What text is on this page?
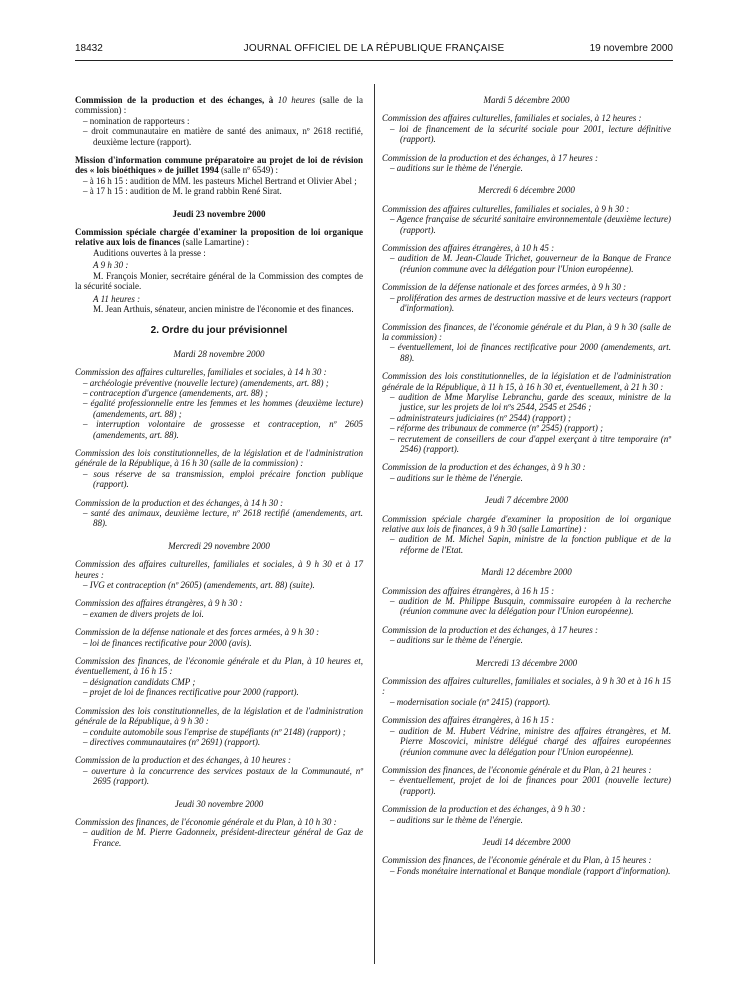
18432	JOURNAL OFFICIEL DE LA RÉPUBLIQUE FRANÇAISE	19 novembre 2000

Commission de la production et des échanges, à 10 heures (salle de la commission) :

– nomination de rapporteurs :

– droit communautaire en matière de santé des animaux, nº 2618 rectifié, deuxième lecture (rapport).

Mission d'information commune préparatoire au projet de loi de révision des « lois bioéthiques » de juillet 1994 (salle nº 6549) :

– à 16 h 15 : audition de MM. les pasteurs Michel Bertrand et Olivier Abel ;

– à 17 h 15 : audition de M. le grand rabbin René Sirat.

Jeudi 23 novembre 2000

Commission spéciale chargée d'examiner la proposition de loi organique relative aux lois de finances (salle Lamartine) :

Auditions ouvertes à la presse :

A 9 h 30 :

M. François Monier, secrétaire général de la Commission des comptes de la sécurité sociale.

A 11 heures :

M. Jean Arthuis, sénateur, ancien ministre de l'économie et des finances.

2. Ordre du jour prévisionnel

Mardi 28 novembre 2000

Commission des affaires culturelles, familiales et sociales, à 14 h 30 :

– archéologie préventive (nouvelle lecture) (amendements, art. 88) ;

– contraception d'urgence (amendements, art. 88) ;

– égalité professionnelle entre les femmes et les hommes (deuxième lecture) (amendements, art. 88) ;

– interruption volontaire de grossesse et contraception, nº 2605 (amendements, art. 88).

Commission des lois constitutionnelles, de la législation et de l'administration générale de la République, à 16 h 30 (salle de la commission) :

– sous réserve de sa transmission, emploi précaire fonction publique (rapport).

Commission de la production et des échanges, à 14 h 30 :

– santé des animaux, deuxième lecture, nº 2618 rectifié (amendements, art. 88).

Mercredi 29 novembre 2000

Commission des affaires culturelles, familiales et sociales, à 9 h 30 et à 17 heures :

– IVG et contraception (nº 2605) (amendements, art. 88) (suite).

Commission des affaires étrangères, à 9 h 30 :

– examen de divers projets de loi.

Commission de la défense nationale et des forces armées, à 9 h 30 :

– loi de finances rectificative pour 2000 (avis).

Commission des finances, de l'économie générale et du Plan, à 10 heures et, éventuellement, à 16 h 15 :

– désignation candidats CMP ;

– projet de loi de finances rectificative pour 2000 (rapport).

Commission des lois constitutionnelles, de la législation et de l'administration générale de la République, à 9 h 30 :

– conduite automobile sous l'emprise de stupéfiants (nº 2148) (rapport) ;

– directives communautaires (nº 2691) (rapport).

Commission de la production et des échanges, à 10 heures :

– ouverture à la concurrence des services postaux de la Communauté, nº 2695 (rapport).

Jeudi 30 novembre 2000

Commission des finances, de l'économie générale et du Plan, à 10 h 30 :

– audition de M. Pierre Gadonneix, président-directeur général de Gaz de France.

Mardi 5 décembre 2000

Commission des affaires culturelles, familiales et sociales, à 12 heures :

– loi de financement de la sécurité sociale pour 2001, lecture définitive (rapport).

Commission de la production et des échanges, à 17 heures :

– auditions sur le thème de l'énergie.

Mercredi 6 décembre 2000

Commission des affaires culturelles, familiales et sociales, à 9 h 30 :

– Agence française de sécurité sanitaire environnementale (deuxième lecture) (rapport).

Commission des affaires étrangères, à 10 h 45 :

– audition de M. Jean-Claude Trichet, gouverneur de la Banque de France (réunion commune avec la délégation pour l'Union européenne).

Commission de la défense nationale et des forces armées, à 9 h 30 :

– prolifération des armes de destruction massive et de leurs vecteurs (rapport d'information).

Commission des finances, de l'économie générale et du Plan, à 9 h 30 (salle de la commission) :

– éventuellement, loi de finances rectificative pour 2000 (amendements, art. 88).

Commission des lois constitutionnelles, de la législation et de l'administration générale de la République, à 11 h 15, à 16 h 30 et, éventuellement, à 21 h 30 :

– audition de Mme Marylise Lebranchu, garde des sceaux, ministre de la justice, sur les projets de loi nºs 2544, 2545 et 2546 ;

– administrateurs judiciaires (nº 2544) (rapport) ;

– réforme des tribunaux de commerce (nº 2545) (rapport) ;

– recrutement de conseillers de cour d'appel exerçant à titre temporaire (nº 2546) (rapport).

Commission de la production et des échanges, à 9 h 30 :

– auditions sur le thème de l'énergie.

Jeudi 7 décembre 2000

Commission spéciale chargée d'examiner la proposition de loi organique relative aux lois de finances, à 9 h 30 (salle Lamartine) :

– audition de M. Michel Sapin, ministre de la fonction publique et de la réforme de l'Etat.

Mardi 12 décembre 2000

Commission des affaires étrangères, à 16 h 15 :

– audition de M. Philippe Busquin, commissaire européen à la recherche (réunion commune avec la délégation pour l'Union européenne).

Commission de la production et des échanges, à 17 heures :

– auditions sur le thème de l'énergie.

Mercredi 13 décembre 2000

Commission des affaires culturelles, familiales et sociales, à 9 h 30 et à 16 h 15 :

– modernisation sociale (nº 2415) (rapport).

Commission des affaires étrangères, à 16 h 15 :

– audition de M. Hubert Védrine, ministre des affaires étrangères, et M. Pierre Moscovici, ministre délégué chargé des affaires européennes (réunion commune avec la délégation pour l'Union européenne).

Commission des finances, de l'économie générale et du Plan, à 21 heures :

– éventuellement, projet de loi de finances pour 2001 (nouvelle lecture) (rapport).

Commission de la production et des échanges, à 9 h 30 :

– auditions sur le thème de l'énergie.

Jeudi 14 décembre 2000

Commission des finances, de l'économie générale et du Plan, à 15 heures :

– Fonds monétaire international et Banque mondiale (rapport d'information).
